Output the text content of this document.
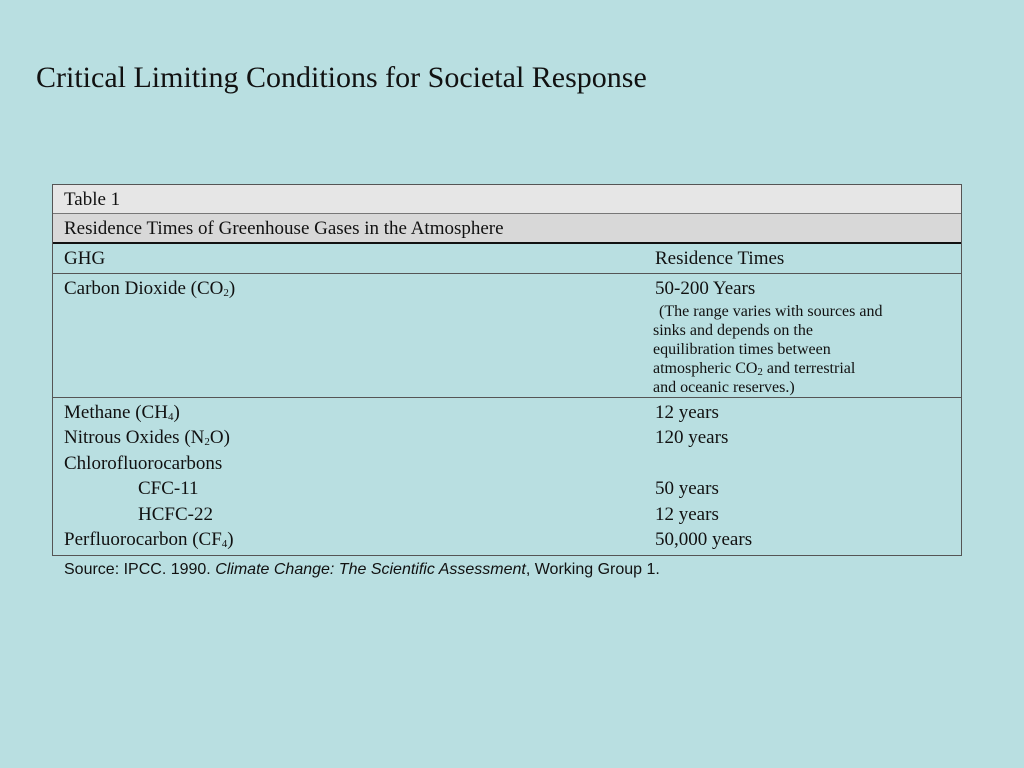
Critical Limiting Conditions for Societal Response
Table 1
Residence Times of Greenhouse Gases in the Atmosphere
GHG	Residence Times
Carbon Dioxide $(CO_2)$	50-200 Years
(The range varies with sources and
sinks and depends on the
equilibration times between
atmospheric $CO_2$ and terrestrial
and oceanic reserves.)
Methane $(CH_4)$
Nitrous Oxides $(N_2O)$
Chlorofluorocarbons
CFC-11
HCFC-22
Perfluorocarbon $(CF_4)$
12 years
120 years
50 years
12 years
50,000 years
Source: IPCC. 1990. Climate Change: The Scientific Assessment, Working Group 1.
